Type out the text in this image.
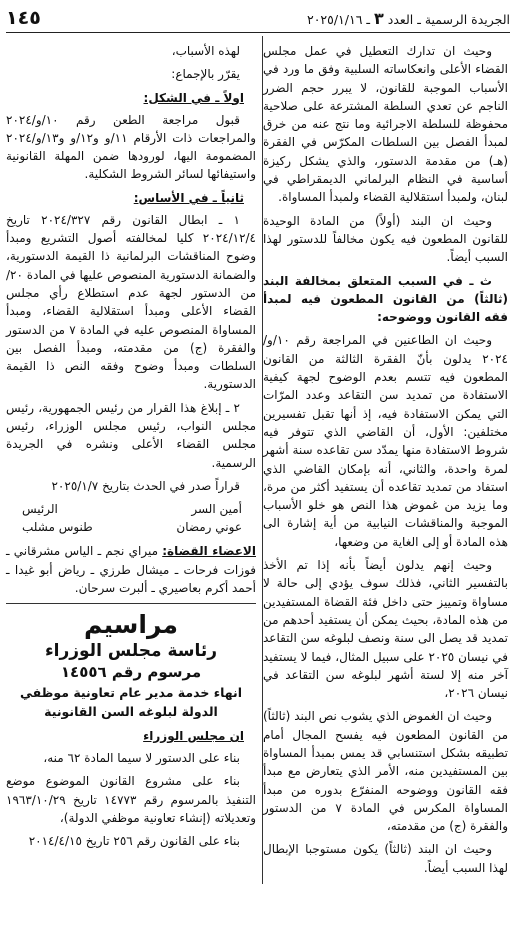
الجريدة الرسمية ـ العدد ٣ ـ ٢٠٢٥/١/١٦
١٤٥

وحيث ان تدارك التعطيل في عمل مجلس القضاء الأعلى وانعكاساته السلبية وفق ما ورد في الأسباب الموجبة للقانون، لا يبرر حجم الضرر الناجم عن تعدي السلطة المشترعة على صلاحية محفوظة للسلطة الاجرائية وما نتج عنه من خرق لمبدأ الفصل بين السلطات المكرّس في الفقرة (هـ) من مقدمة الدستور، والذي يشكل ركيزة أساسية في النظام البرلماني الديمقراطي في لبنان، ولمبدأ استقلالية القضاء ولمبدأ المساواة.

وحيث ان البند (أولاً) من المادة الوحيدة للقانون المطعون فيه يكون مخالفاً للدستور لهذا السبب أيضاً.

ث ـ في السبب المتعلق بمخالفة البند (ثالثاً) من القانون المطعون فيه لمبدأ فقه القانون ووضوحه:

وحيث ان الطاعنين في المراجعة رقم ١٠/و/٢٠٢٤ يدلون بأنّ الفقرة الثالثة من القانون المطعون فيه تتسم بعدم الوضوح لجهة كيفية الاستفادة من تمديد سن التقاعد وعدد المرّات التي يمكن الاستفادة فيه، إذ أنها تقبل تفسيرين مختلفين: الأول، أن القاضي الذي تتوفر فيه شروط الاستفادة منها يمدّد سن تقاعده سنة أشهر لمرة واحدة، والثاني، أنه بإمكان القاضي الذي استفاد من تمديد تقاعده أن يستفيد أكثر من مرة، وما يزيد من غموض هذا النص هو خلو الأسباب الموجبة والمناقشات النيابية من أية إشارة الى هذه المادة أو إلى الغاية من وضعها،

وحيث إنهم يدلون أيضاً بأنه إذا تم الأخذ بالتفسير الثاني، فذلك سوف يؤدي إلى حالة لا مساواة وتمييز حتى داخل فئة القضاة المستفيدين من هذه المادة، بحيث يمكن أن يستفيد أحدهم من تمديد قد يصل الى سنة ونصف لبلوغه سن التقاعد في نيسان ٢٠٢٥ على سبيل المثال، فيما لا يستفيد آخر منه إلا لستة أشهر لبلوغه سن التقاعد في نيسان ٢٠٢٦،

وحيث ان الغموض الذي يشوب نص البند (ثالثاً) من القانون المطعون فيه يفسح المجال أمام تطبيقه بشكل استنسابي قد يمس بمبدأ المساواة بين المستفيدين منه، الأمر الذي يتعارض مع مبدأ فقه القانون ووضوحه المنفرّع بدوره من مبدأ المساواة المكرس في المادة ٧ من الدستور والفقرة (ج) من مقدمته،

وحيث ان البند (ثالثاً) يكون مستوجبا الإبطال لهذا السبب أيضاً.

لهذه الأسباب،

يقرّر بالإجماع:

اولاً ـ في الشكل:

قبول مراجعة الطعن رقم ١٠/و/٢٠٢٤ والمراجعات ذات الأرقام ١١/و و١٢/و و١٣/و/٢٠٢٤ المضمومة اليها، لورودها ضمن المهلة القانونية واستيفائها لسائر الشروط الشكلية.

ثانياً ـ في الأساس:

١ ـ ابطال القانون رقم ٢٠٢٤/٣٢٧ تاريخ ٢٠٢٤/١٢/٤ كليا لمخالفته أصول التشريع ومبدأ وضوح المناقشات البرلمانية ذا القيمة الدستورية، والضمانة الدستورية المنصوص عليها في المادة ٢٠/ من الدستور لجهة عدم استطلاع رأي مجلس القضاء الأعلى ومبدأ استقلالية القضاء، ومبدأ المساواة المنصوص عليه في المادة ٧ من الدستور والفقرة (ج) من مقدمته، ومبدأ الفصل بين السلطات ومبدأ وضوح وفقه النص ذا القيمة الدستورية.

٢ ـ إبلاغ هذا القرار من رئيس الجمهورية، رئيس مجلس النواب، رئيس مجلس الوزراء، رئيس مجلس القضاء الأعلى ونشره في الجريدة الرسمية.

قراراً صدر في الحدث بتاريخ ٢٠٢٥/١/٧

أمين السر
الرئيس
عوني رمضان
طنوس مشلب

الاعضاء القضاة: ميراي نجم ـ الياس مشرقاني ـ فوزات فرحات ـ ميشال طرزي ـ رياض أبو غيدا ـ أحمد أكرم بعاصيري ـ ألبرت سرحان.

مراسيم
رئاسة مجلس الوزراء
مرسوم رقم ١٤٥٥٦
انهاء خدمة مدير عام تعاونية موظفي الدولة لبلوغه السن القانونية
ان مجلس الوزراء

بناء على الدستور لا سيما المادة ٦٢ منه،

بناء على مشروع القانون الموضوع موضع التنفيذ بالمرسوم رقم ١٤٧٧٣ تاريخ ١٩٦٣/١٠/٢٩ وتعديلاته (إنشاء تعاونية موظفي الدولة)،

بناء على القانون رقم ٢٥٦ تاريخ ٢٠١٤/٤/١٥
